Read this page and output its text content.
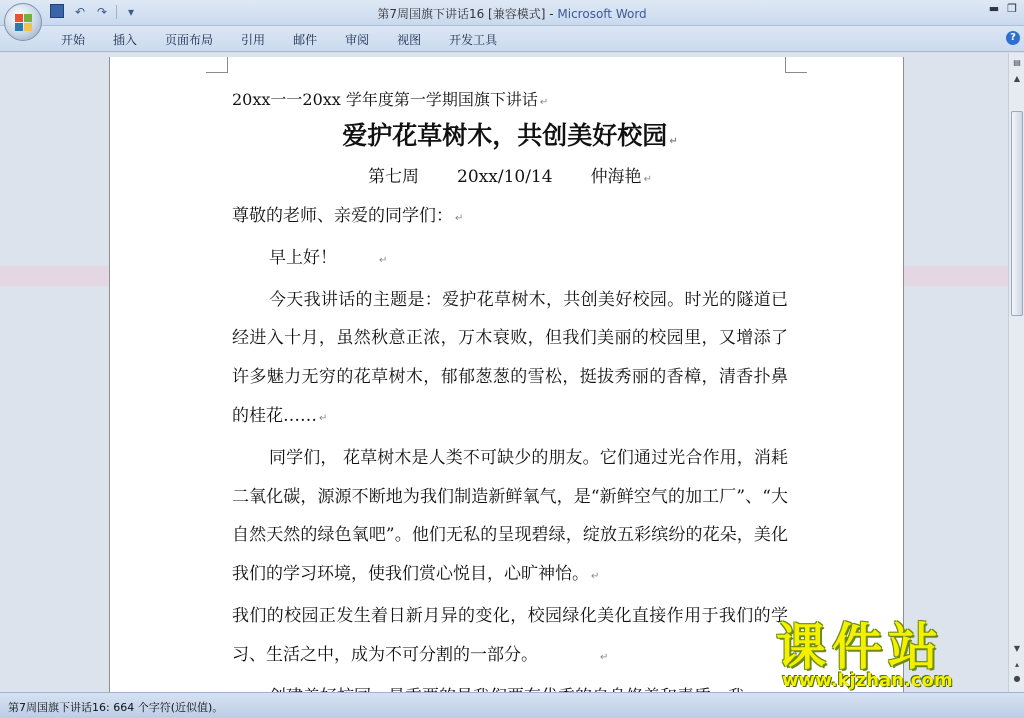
↶ ↷	▾	第7周国旗下讲话16 [兼容模式] - Microsoft Word	▬ ❐
开始 插入 页面布局 引用 邮件 审阅 视图 开发工具	?
20xx一一20xx 学年度第一学期国旗下讲话 ↵
爱护花草树木，共创美好校园 ↵
第七周 20xx/10/14 仲海艳 ↵
尊敬的老师、亲爱的同学们： ↵
早上好！	↵
今天我讲话的主题是：爱护花草树木，共创美好校园。时光的隧道已经进入十月，虽然秋意正浓，万木衰败，但我们美丽的校园里，又增添了许多魅力无穷的花草树木，郁郁葱葱的雪松，挺拔秀丽的香樟，清香扑鼻的桂花…… ↵
同学们， 花草树木是人类不可缺少的朋友。它们通过光合作用，消耗二氧化碳，源源不断地为我们制造新鲜氧气，是“新鲜空气的加工厂”、“大自然天然的绿色氧吧”。他们无私的呈现碧绿，绽放五彩缤纷的花朵，美化我们的学习环境，使我们赏心悦目，心旷神怡。 ↵
我们的校园正发生着日新月异的变化，校园绿化美化直接作用于我们的学习、生活之中，成为不可分割的一部分。	↵
▤
▲
▼
▴
●
第7周国旗下讲话16: 664 个字符(近似值)。
课件站
www.kjzhan.com
